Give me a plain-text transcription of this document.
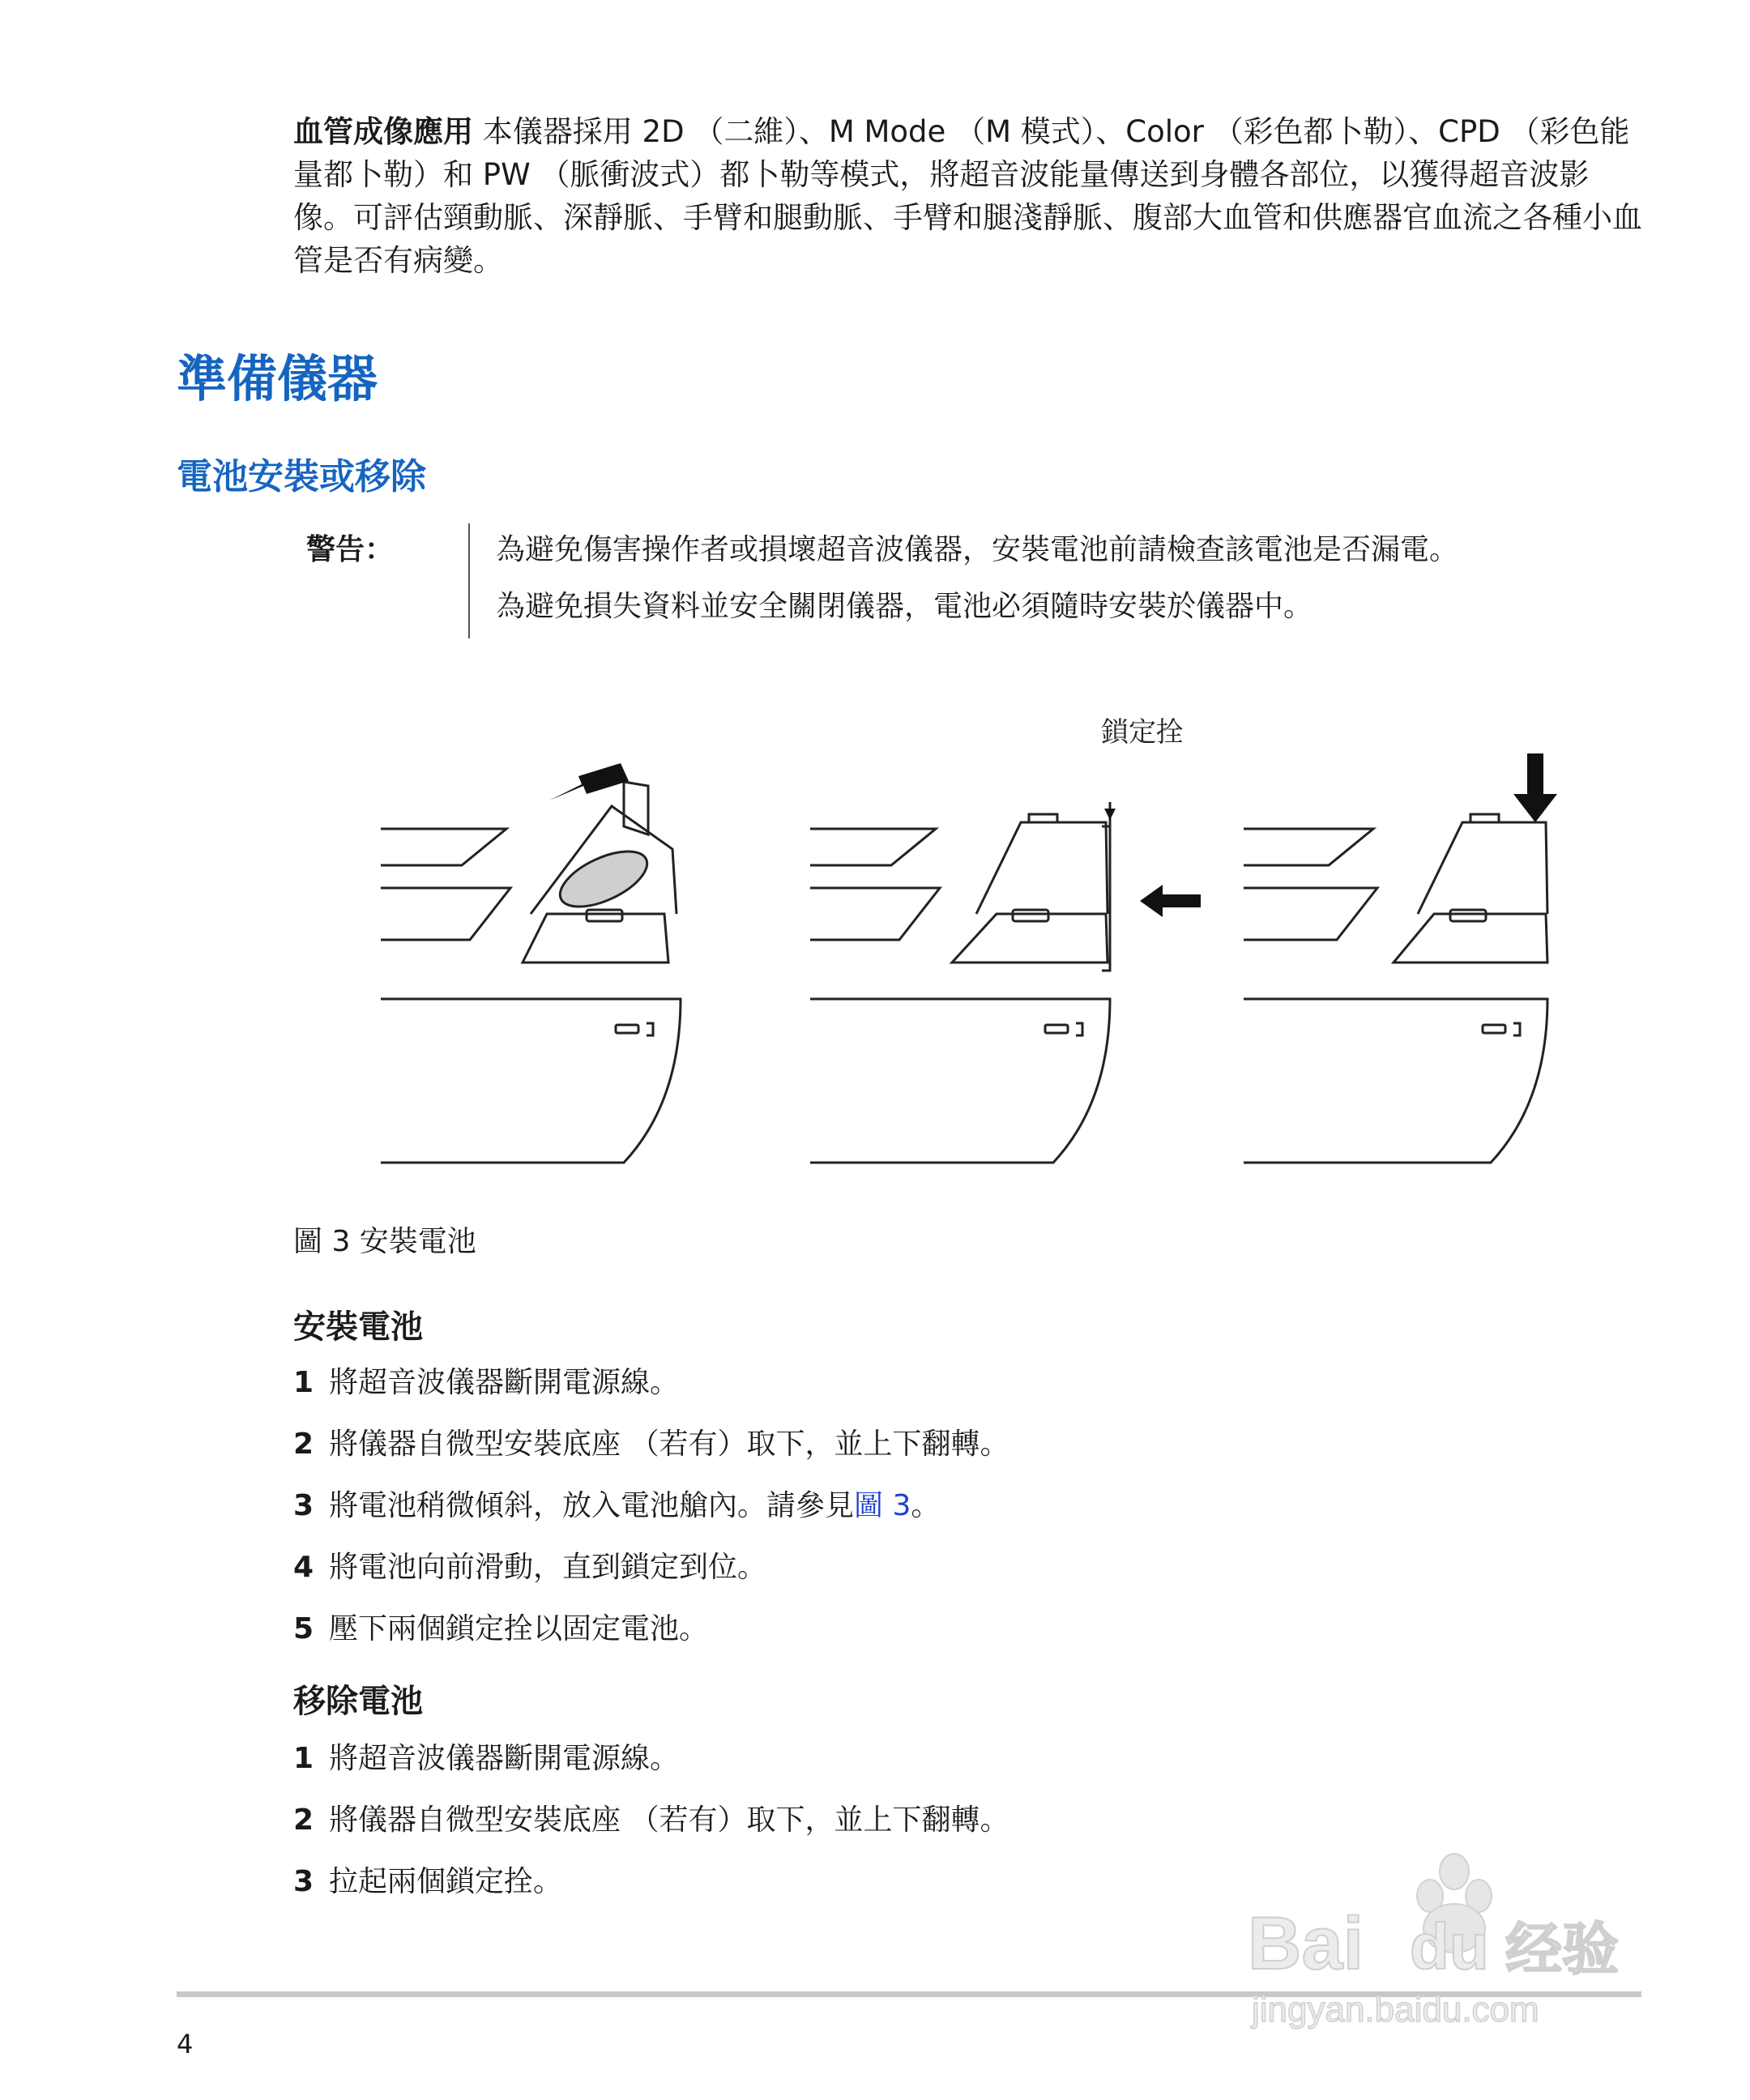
血管成像應用 本儀器採用 2D （二維）、M Mode （M 模式）、Color （彩色都卜勒）、CPD （彩色能量都卜勒）和 PW （脈衝波式）都卜勒等模式，將超音波能量傳送到身體各部位，以獲得超音波影像。可評估頸動脈、深靜脈、手臂和腿動脈、手臂和腿淺靜脈、腹部大血管和供應器官血流之各種小血管是否有病變。
準備儀器
電池安裝或移除
警告：	為避免傷害操作者或損壞超音波儀器，安裝電池前請檢查該電池是否漏電。
為避免損失資料並安全關閉儀器，電池必須隨時安裝於儀器中。
鎖定拴
圖 3 安裝電池
安裝電池
1 將超音波儀器斷開電源線。
2 將儀器自微型安裝底座 （若有）取下，並上下翻轉。
3 將電池稍微傾斜，放入電池艙內。請參見圖 3。
4 將電池向前滑動，直到鎖定到位。
5 壓下兩個鎖定拴以固定電池。
移除電池
1 將超音波儀器斷開電源線。
2 將儀器自微型安裝底座 （若有）取下，並上下翻轉。
3 拉起兩個鎖定拴。
4
Bai du 经验
jingyan.baidu.com
